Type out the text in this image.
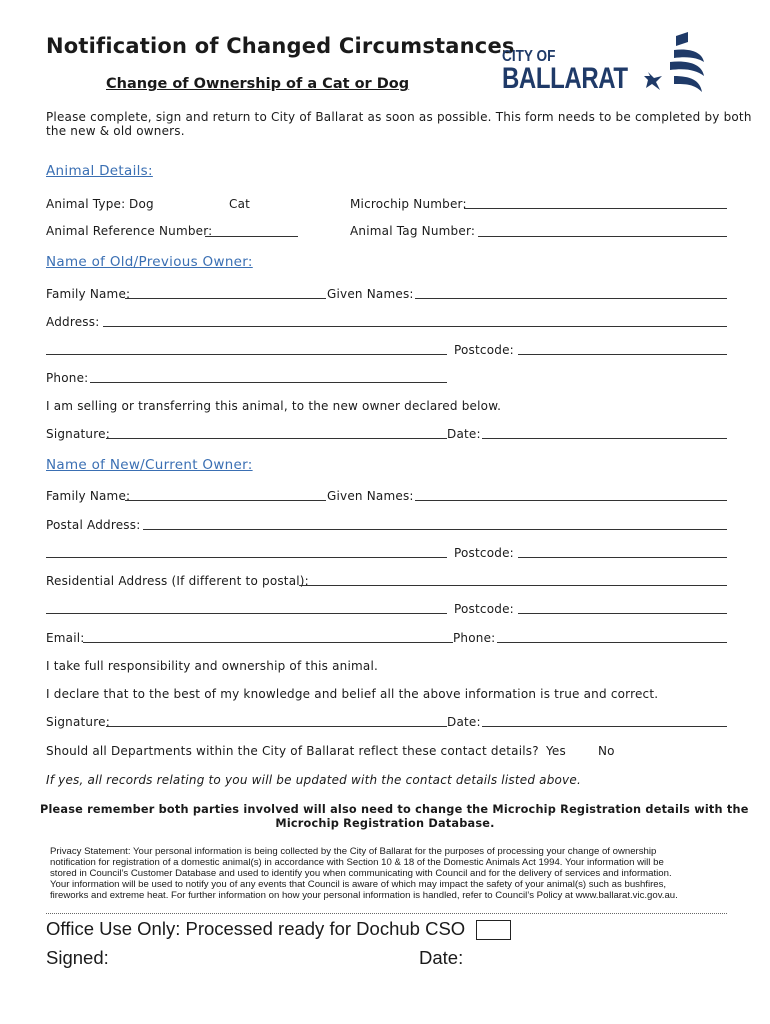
Notification of Changed Circumstances
Change of Ownership of a Cat or Dog
CITY OF
BALLARAT
Please complete, sign and return to City of Ballarat as soon as possible. This form needs to be completed by both
the new & old owners.
Animal Details:
Animal Type: Dog	Cat	Microchip Number:
Animal Reference Number:	Animal Tag Number:
Name of Old/Previous Owner:
Family Name:	Given Names:
Address:
Postcode:
Phone:
I am selling or transferring this animal, to the new owner declared below.
Signature:	Date:
Name of New/Current Owner:
Family Name:	Given Names:
Postal Address:
Postcode:
Residential Address (If different to postal):
Postcode:
Email:	Phone:
I take full responsibility and ownership of this animal.
I declare that to the best of my knowledge and belief all the above information is true and correct.
Signature:	Date:
Should all Departments within the City of Ballarat reflect these contact details? Yes	No
If yes, all records relating to you will be updated with the contact details listed above.
Please remember both parties involved will also need to change the Microchip Registration details with the
Microchip Registration Database.
Privacy Statement: Your personal information is being collected by the City of Ballarat for the purposes of processing your change of ownership
notification for registration of a domestic animal(s) in accordance with Section 10 & 18 of the Domestic Animals Act 1994. Your information will be
stored in Council’s Customer Database and used to identify you when communicating with Council and for the delivery of services and information.
Your information will be used to notify you of any events that Council is aware of which may impact the safety of your animal(s) such as bushfires,
fireworks and extreme heat. For further information on how your personal information is handled, refer to Council’s Policy at www.ballarat.vic.gov.au.
Office Use Only: Processed ready for Dochub CSO
Signed:	Date:
